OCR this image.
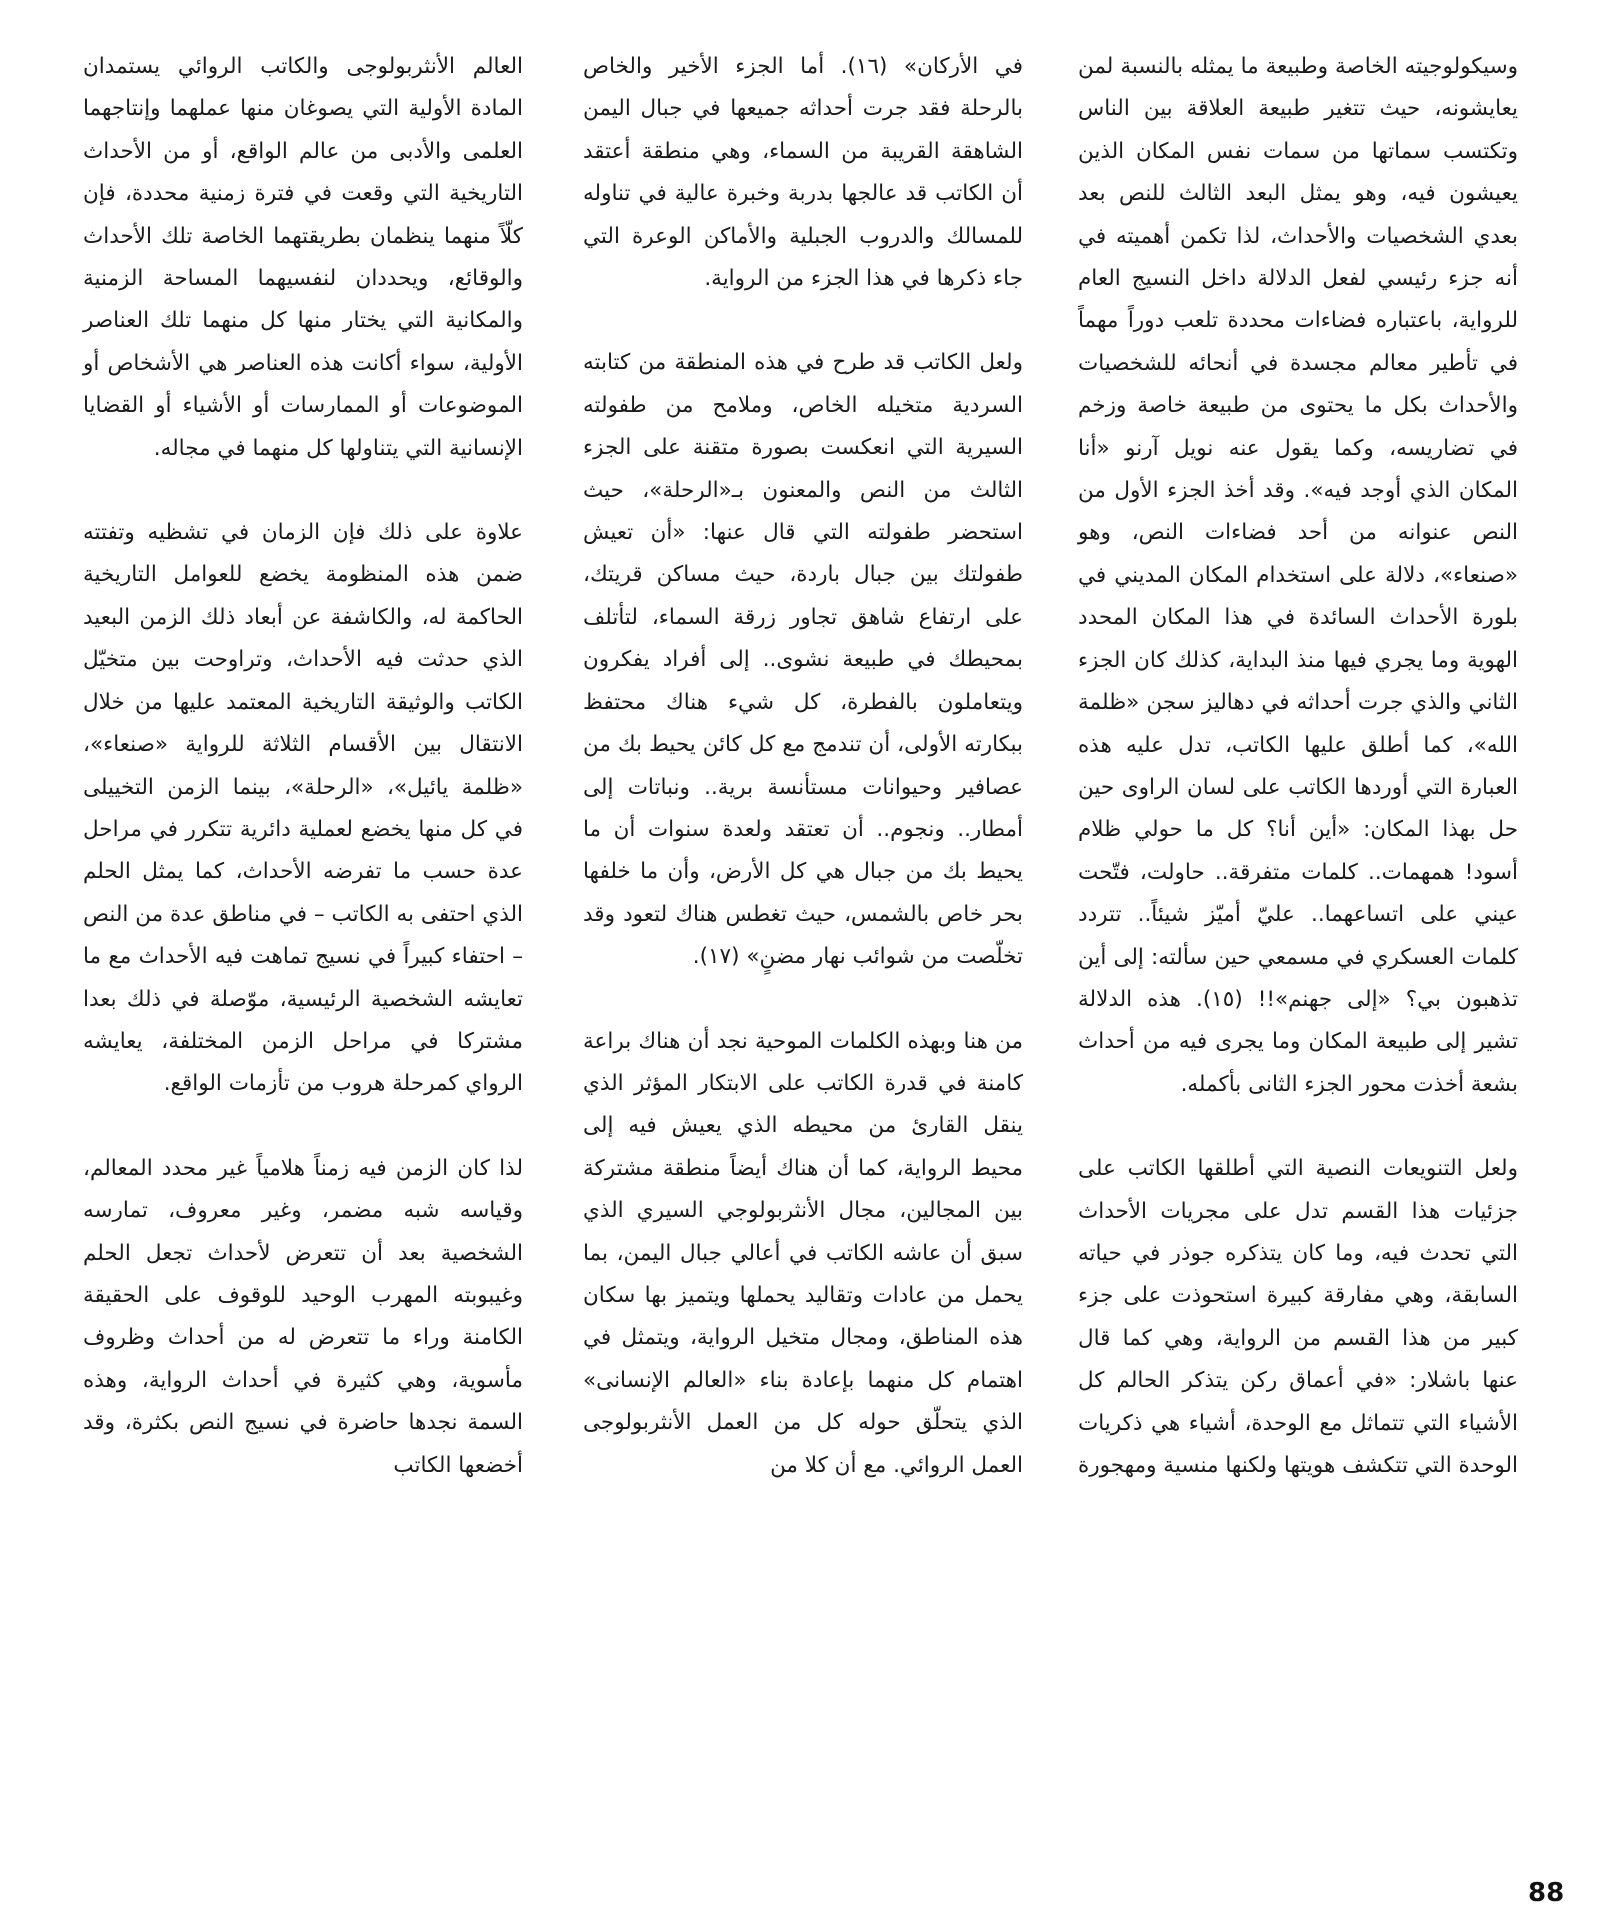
وسيكولوجيته الخاصة وطبيعة ما يمثله بالنسبة لمن يعايشونه، حيث تتغير طبيعة العلاقة بين الناس وتكتسب سماتها من سمات نفس المكان الذين يعيشون فيه، وهو يمثل البعد الثالث للنص بعد بعدي الشخصيات والأحداث، لذا تكمن أهميته في أنه جزء رئيسي لفعل الدلالة داخل النسيج العام للرواية، باعتباره فضاءات محددة تلعب دوراً مهماً في تأطير معالم مجسدة في أنحائه للشخصيات والأحداث بكل ما يحتوى من طبيعة خاصة وزخم في تضاريسه، وكما يقول عنه نويل آرنو «أنا المكان الذي أوجد فيه». وقد أخذ الجزء الأول من النص عنوانه من أحد فضاءات النص، وهو «صنعاء»، دلالة على استخدام المكان المديني في بلورة الأحداث السائدة في هذا المكان المحدد الهوية وما يجري فيها منذ البداية، كذلك كان الجزء الثاني والذي جرت أحداثه في دهاليز سجن «ظلمة الله»، كما أطلق عليها الكاتب، تدل عليه هذه العبارة التي أوردها الكاتب على لسان الراوى حين حل بهذا المكان: «أين أنا؟ كل ما حولي ظلام أسود! همهمات.. كلمات متفرقة.. حاولت، فتّحت عيني على اتساعهما.. عليّ أميّز شيئاً.. تتردد كلمات العسكري في مسمعي حين سألته: إلى أين تذهبون بي؟ «إلى جهنم»!! (١٥). هذه الدلالة تشير إلى طبيعة المكان وما يجرى فيه من أحداث بشعة أخذت محور الجزء الثانى بأكمله.

ولعل التنويعات النصية التي أطلقها الكاتب على جزئيات هذا القسم تدل على مجريات الأحداث التي تحدث فيه، وما كان يتذكره جوذر في حياته السابقة، وهي مفارقة كبيرة استحوذت على جزء كبير من هذا القسم من الرواية، وهي كما قال عنها باشلار: «في أعماق ركن يتذكر الحالم كل الأشياء التي تتماثل مع الوحدة، أشياء هي ذكريات الوحدة التي تتكشف هويتها ولكنها منسية ومهجورة

في الأركان» (١٦). أما الجزء الأخير والخاص بالرحلة فقد جرت أحداثه جميعها في جبال اليمن الشاهقة القريبة من السماء، وهي منطقة أعتقد أن الكاتب قد عالجها بدربة وخبرة عالية في تناوله للمسالك والدروب الجبلية والأماكن الوعرة التي جاء ذكرها في هذا الجزء من الرواية.

ولعل الكاتب قد طرح في هذه المنطقة من كتابته السردية متخيله الخاص، وملامح من طفولته السيرية التي انعكست بصورة متقنة على الجزء الثالث من النص والمعنون بـ«الرحلة»، حيث استحضر طفولته التي قال عنها: «أن تعيش طفولتك بين جبال باردة، حيث مساكن قريتك، على ارتفاع شاهق تجاور زرقة السماء، لتأتلف بمحيطك في طبيعة نشوى.. إلى أفراد يفكرون ويتعاملون بالفطرة، كل شيء هناك محتفظ ببكارته الأولى، أن تندمج مع كل كائن يحيط بك من عصافير وحيوانات مستأنسة برية.. ونباتات إلى أمطار.. ونجوم.. أن تعتقد ولعدة سنوات أن ما يحيط بك من جبال هي كل الأرض، وأن ما خلفها بحر خاص بالشمس، حيث تغطس هناك لتعود وقد تخلّصت من شوائب نهار مضنٍ» (١٧).

من هنا وبهذه الكلمات الموحية نجد أن هناك براعة كامنة في قدرة الكاتب على الابتكار المؤثر الذي ينقل القارئ من محيطه الذي يعيش فيه إلى محيط الرواية، كما أن هناك أيضاً منطقة مشتركة بين المجالين، مجال الأنثربولوجي السيري الذي سبق أن عاشه الكاتب في أعالي جبال اليمن، بما يحمل من عادات وتقاليد يحملها ويتميز بها سكان هذه المناطق، ومجال متخيل الرواية، ويتمثل في اهتمام كل منهما بإعادة بناء «العالم الإنسانى» الذي يتحلّق حوله كل من العمل الأنثربولوجى العمل الروائي. مع أن كلا من

العالم الأنثربولوجى والكاتب الروائي يستمدان المادة الأولية التي يصوغان منها عملهما وإنتاجهما العلمى والأدبى من عالم الواقع، أو من الأحداث التاريخية التي وقعت في فترة زمنية محددة، فإن كلّاً منهما ينظمان بطريقتهما الخاصة تلك الأحداث والوقائع، ويحددان لنفسيهما المساحة الزمنية والمكانية التي يختار منها كل منهما تلك العناصر الأولية، سواء أكانت هذه العناصر هي الأشخاص أو الموضوعات أو الممارسات أو الأشياء أو القضايا الإنسانية التي يتناولها كل منهما في مجاله.

علاوة على ذلك فإن الزمان في تشظيه وتفتته ضمن هذه المنظومة يخضع للعوامل التاريخية الحاكمة له، والكاشفة عن أبعاد ذلك الزمن البعيد الذي حدثت فيه الأحداث، وتراوحت بين متخيّل الكاتب والوثيقة التاريخية المعتمد عليها من خلال الانتقال بين الأقسام الثلاثة للرواية «صنعاء»، «ظلمة يائيل»، «الرحلة»، بينما الزمن التخييلى في كل منها يخضع لعملية دائرية تتكرر في مراحل عدة حسب ما تفرضه الأحداث، كما يمثل الحلم الذي احتفى به الكاتب – في مناطق عدة من النص – احتفاء كبيراً في نسيج تماهت فيه الأحداث مع ما تعايشه الشخصية الرئيسية، موّصلة في ذلك بعدا مشتركا في مراحل الزمن المختلفة، يعايشه الرواي كمرحلة هروب من تأزمات الواقع.

لذا كان الزمن فيه زمناً هلامياً غير محدد المعالم، وقياسه شبه مضمر، وغير معروف، تمارسه الشخصية بعد أن تتعرض لأحداث تجعل الحلم وغيبوبته المهرب الوحيد للوقوف على الحقيقة الكامنة وراء ما تتعرض له من أحداث وظروف مأسوية، وهي كثيرة في أحداث الرواية، وهذه السمة نجدها حاضرة في نسيج النص بكثرة، وقد أخضعها الكاتب

88
